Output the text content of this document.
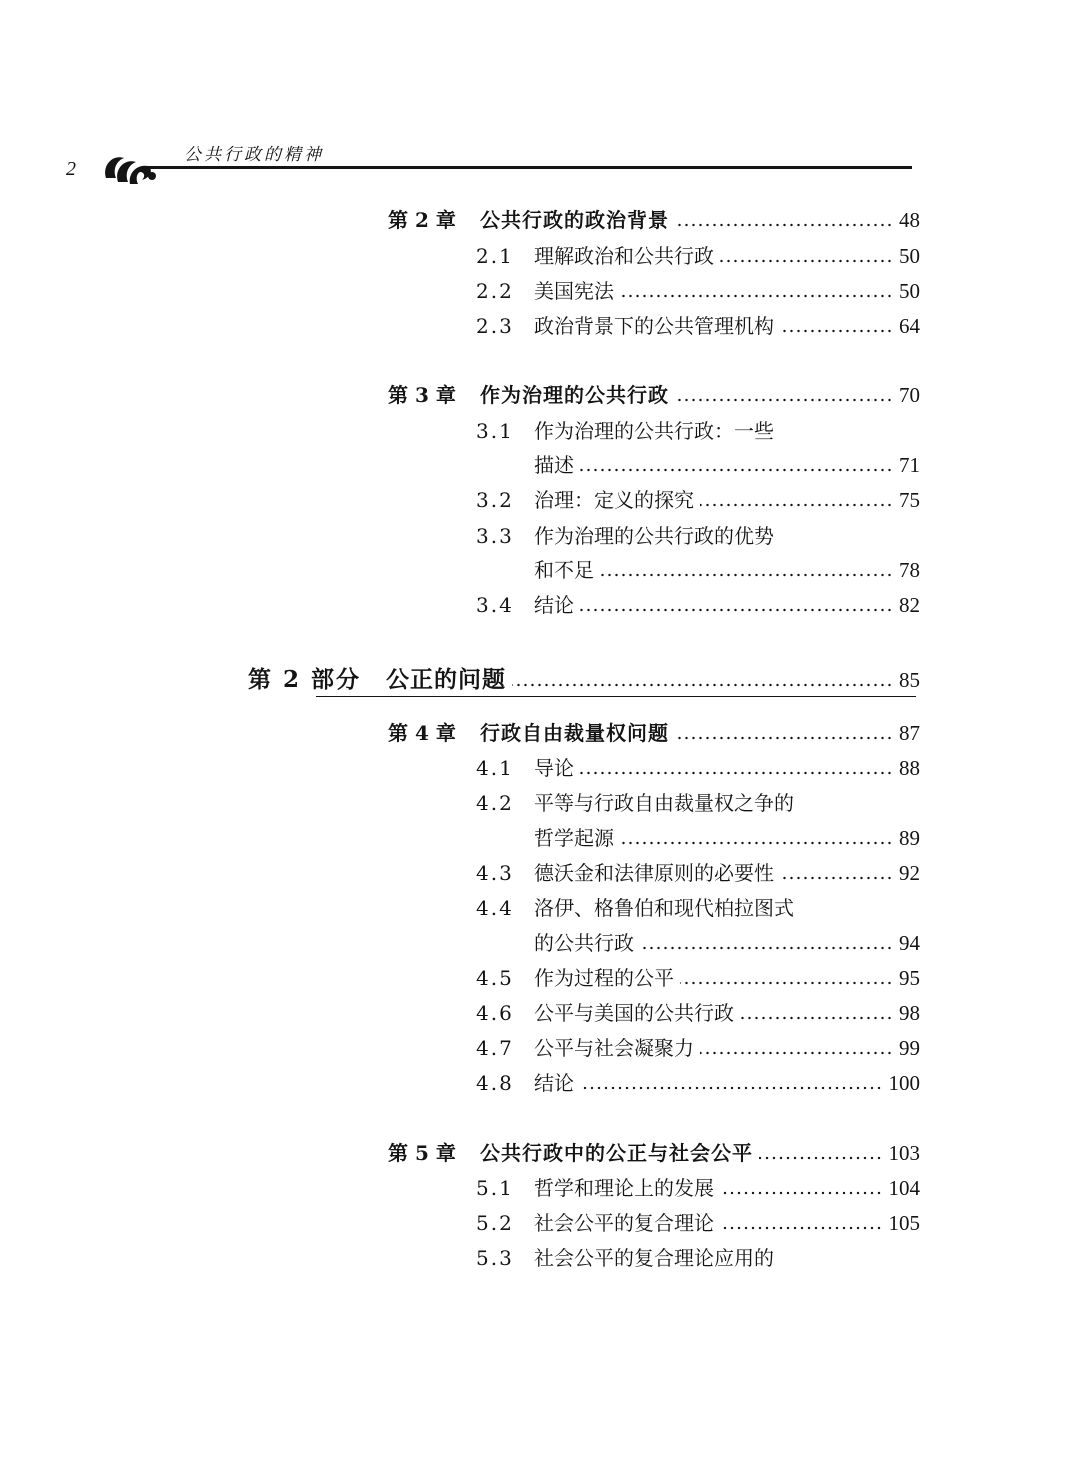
2
公共行政的精神
第 2 章	公共行政的政治背景	48
2.1	理解政治和公共行政	50
2.2	美国宪法	50
2.3	政治背景下的公共管理机构	64
第 3 章	作为治理的公共行政	70
3.1	作为治理的公共行政：一些
描述	71
3.2	治理：定义的探究	75
3.3	作为治理的公共行政的优势
和不足	78
3.4	结论	82
第 2 部分	公正的问题	85
第 4 章	行政自由裁量权问题	87
4.1	导论	88
4.2	平等与行政自由裁量权之争的
哲学起源	89
4.3	德沃金和法律原则的必要性	92
4.4	洛伊、格鲁伯和现代柏拉图式
的公共行政	94
4.5	作为过程的公平	95
4.6	公平与美国的公共行政	98
4.7	公平与社会凝聚力	99
4.8	结论	100
第 5 章	公共行政中的公正与社会公平	103
5.1	哲学和理论上的发展	104
5.2	社会公平的复合理论	105
5.3	社会公平的复合理论应用的
